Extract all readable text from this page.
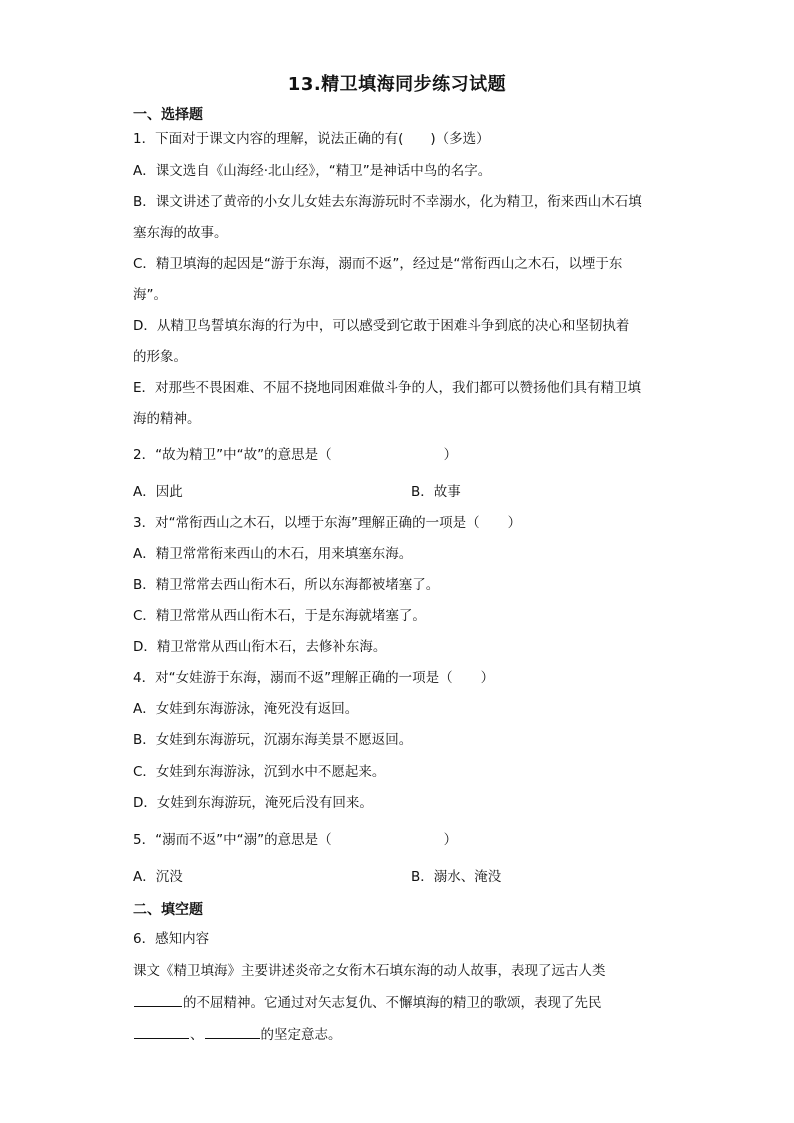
13.精卫填海同步练习试题
一、选择题
1．下面对于课文内容的理解，说法正确的有(　　)（多选）
A．课文选自《山海经·北山经》，“精卫”是神话中鸟的名字。
B．课文讲述了黄帝的小女儿女娃去东海游玩时不幸溺水，化为精卫，衔来西山木石填
塞东海的故事。
C．精卫填海的起因是“游于东海，溺而不返”，经过是“常衔西山之木石，以堙于东
海”。
D．从精卫鸟誓填东海的行为中，可以感受到它敢于困难斗争到底的决心和坚韧执着
的形象。
E．对那些不畏困难、不屈不挠地同困难做斗争的人，我们都可以赞扬他们具有精卫填
海的精神。
2．“故为精卫”中“故”的意思是（	）
A．因此	B．故事
3．对“常衔西山之木石，以堙于东海”理解正确的一项是（ ）
A．精卫常常衔来西山的木石，用来填塞东海。
B．精卫常常去西山衔木石，所以东海都被堵塞了。
C．精卫常常从西山衔木石，于是东海就堵塞了。
D．精卫常常从西山衔木石，去修补东海。
4．对“女娃游于东海，溺而不返”理解正确的一项是（ ）
A．女娃到东海游泳，淹死没有返回。
B．女娃到东海游玩，沉溺东海美景不愿返回。
C．女娃到东海游泳，沉到水中不愿起来。
D．女娃到东海游玩，淹死后没有回来。
5．“溺而不返”中“溺”的意思是（	）
A．沉没	B．溺水、淹没
二、填空题
6．感知内容
课文《精卫填海》主要讲述炎帝之女衔木石填东海的动人故事，表现了远古人类
的不屈精神。它通过对矢志复仇、不懈填海的精卫的歌颂，表现了先民
、	的坚定意志。
